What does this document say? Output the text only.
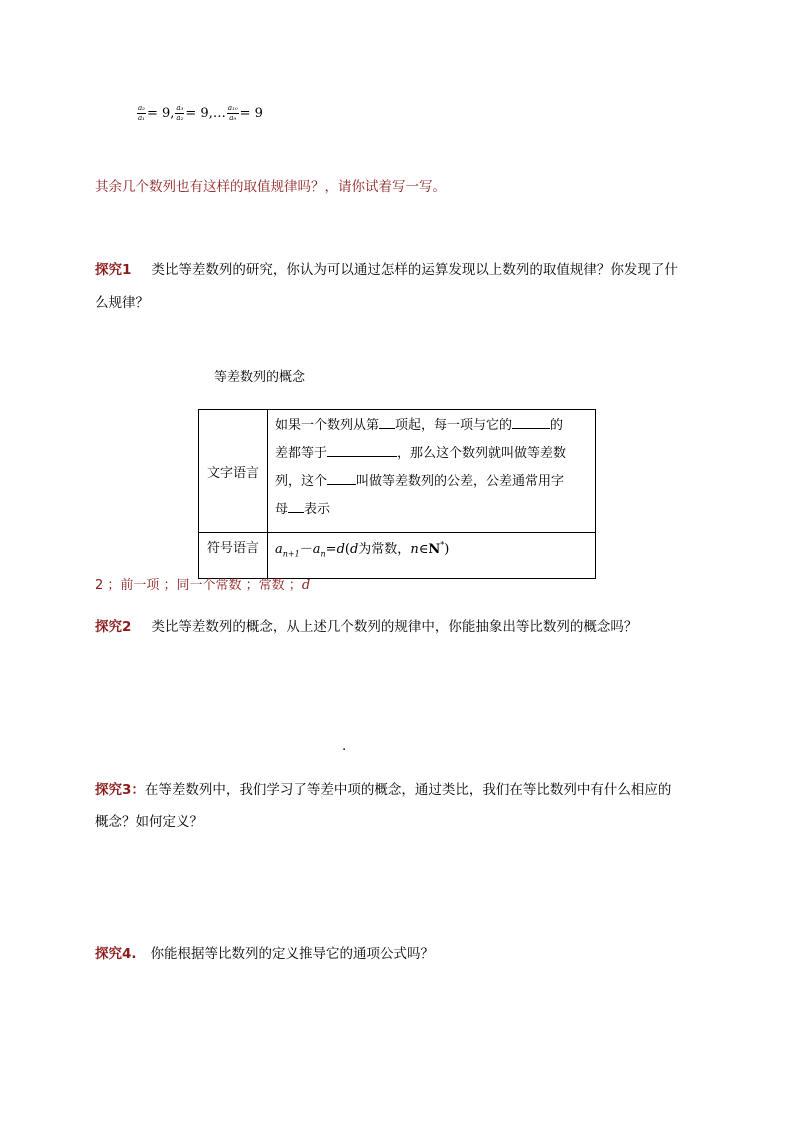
$\frac{\text{a₂}}{\text{a₁}} = 9$, $\frac{\text{a₃}}{\text{a₂}}$ = 9,… $\frac{\text{a₁₀}}{\text{a₉}} = 9$
其余几个数列也有这样的取值规律吗？，请你试着写一写。
探究1 类比等差数列的研究，你认为可以通过怎样的运算发现以上数列的取值规律？你发现了什
么规律？
等差数列的概念
文字语言	如果一个数列从第 项起，每一项与它的 的
差都等于 ，那么这个数列就叫做等差数
列，这个 叫做等差数列的公差，公差通常用字
母 表示

符号语言	$a_{n+1}-a_n=d(d$为常数，n∈N*)
2 ；前一项 ；同一个常数 ；常数 ；d
探究2 类比等差数列的概念，从上述几个数列的规律中，你能抽象出等比数列的概念吗？
.
探究3：在等差数列中，我们学习了等差中项的概念，通过类比，我们在等比数列中有什么相应的
概念？如何定义？
探究4. 你能根据等比数列的定义推导它的通项公式吗？
